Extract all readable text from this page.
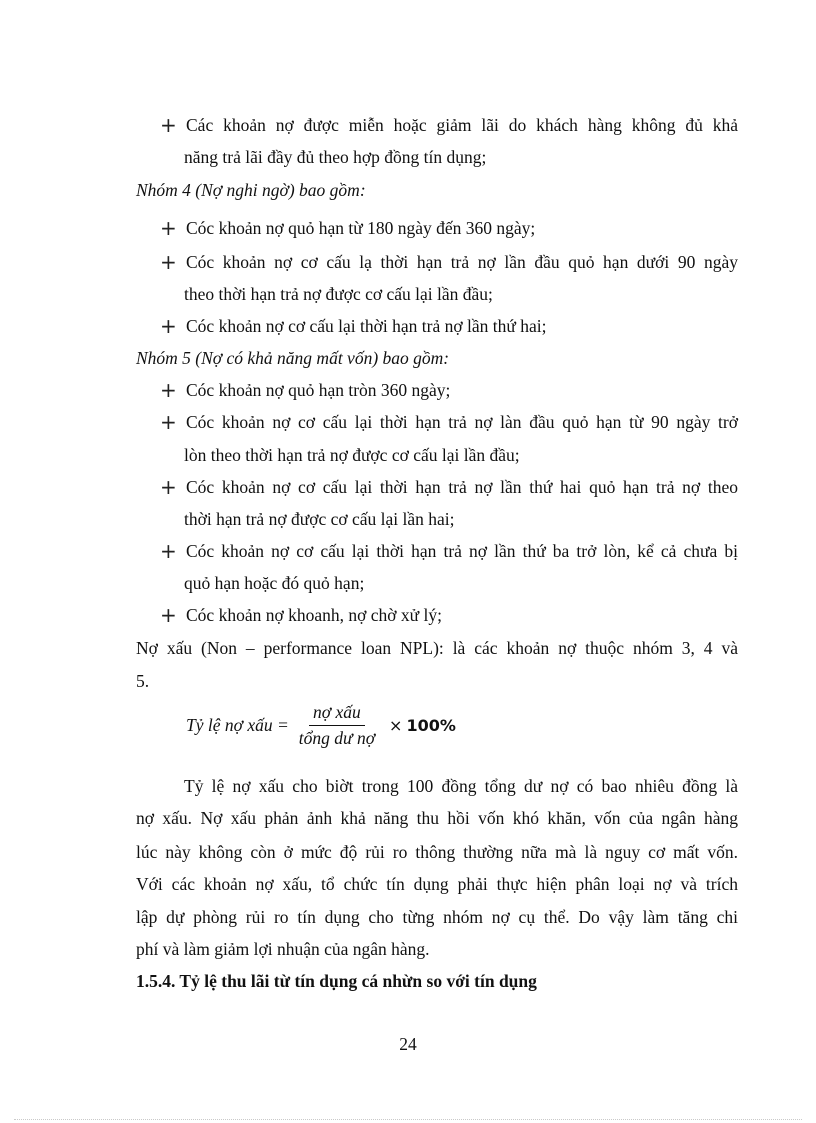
+ Các khoản nợ được miễn hoặc giảm lãi do khách hàng không đủ khả
năng trả lãi đầy đủ theo hợp đồng tín dụng;
Nhóm 4 (Nợ nghi ngờ) bao gồm:
+ Cóc khoản nợ quỏ hạn từ 180 ngày đến 360 ngày;
+ Cóc khoản nợ cơ cấu lạ thời hạn trả nợ lần đầu quỏ hạn dưới 90 ngày
theo thời hạn trả nợ được cơ cấu lại lần đầu;
+ Cóc khoản nợ cơ cấu lại thời hạn trả nợ lần thứ hai;
Nhóm 5 (Nợ có khả năng mất vốn) bao gồm:
+ Cóc khoản nợ quỏ hạn tròn 360 ngày;
+ Cóc khoản nợ cơ cấu lại thời hạn trả nợ làn đầu quỏ hạn từ 90 ngày trở
lòn theo thời hạn trả nợ được cơ cấu lại lần đầu;
+ Cóc khoản nợ cơ cấu lại thời hạn trả nợ lần thứ hai quỏ hạn trả nợ theo
thời hạn trả nợ được cơ cấu lại lần hai;
+ Cóc khoản nợ cơ cấu lại thời hạn trả nợ lần thứ ba trở lòn, kể cả chưa bị
quỏ hạn hoặc đó quỏ hạn;
+ Cóc khoản nợ khoanh, nợ chờ xử lý;
Nợ xấu (Non – performance loan NPL): là các khoản nợ thuộc nhóm 3, 4 và
5.
Tỷ lệ nợ xấu = $\frac{\text{nợ xấu}}{\text{tổng dư nợ}} \times 100\%$
Tỷ lệ nợ xấu cho biờt trong 100 đồng tổng dư nợ có bao nhiêu đồng là
nợ xấu. Nợ xấu phản ảnh khả năng thu hồi vốn khó khăn, vốn của ngân hàng
lúc này không còn ở mức độ rủi ro thông thường nữa mà là nguy cơ mất vốn.
Với các khoản nợ xấu, tổ chức tín dụng phải thực hiện phân loại nợ và trích
lập dự phòng rủi ro tín dụng cho từng nhóm nợ cụ thể. Do vậy làm tăng chi
phí và làm giảm lợi nhuận của ngân hàng.
1.5.4. Tỷ lệ thu lãi từ tín dụng cá nhừn so với tín dụng
24
